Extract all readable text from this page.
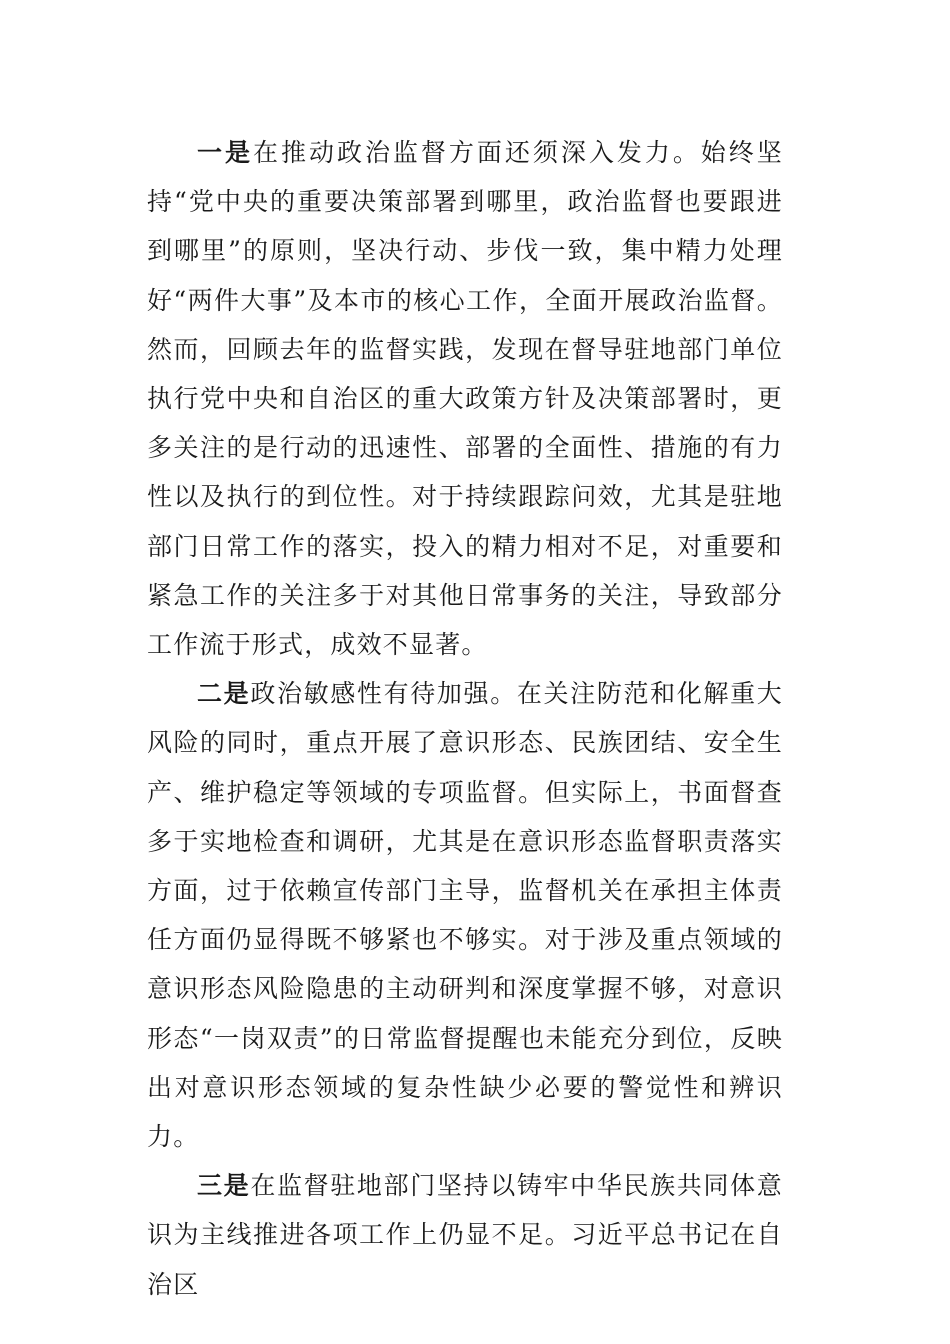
一是在推动政治监督方面还须深入发力。始终坚持“党中央的重要决策部署到哪里，政治监督也要跟进到哪里”的原则，坚决行动、步伐一致，集中精力处理好“两件大事”及本市的核心工作，全面开展政治监督。然而，回顾去年的监督实践，发现在督导驻地部门单位执行党中央和自治区的重大政策方针及决策部署时，更多关注的是行动的迅速性、部署的全面性、措施的有力性以及执行的到位性。对于持续跟踪问效，尤其是驻地部门日常工作的落实，投入的精力相对不足，对重要和紧急工作的关注多于对其他日常事务的关注，导致部分工作流于形式，成效不显著。

二是政治敏感性有待加强。在关注防范和化解重大风险的同时，重点开展了意识形态、民族团结、安全生产、维护稳定等领域的专项监督。但实际上，书面督查多于实地检查和调研，尤其是在意识形态监督职责落实方面，过于依赖宣传部门主导，监督机关在承担主体责任方面仍显得既不够紧也不够实。对于涉及重点领域的意识形态风险隐患的主动研判和深度掌握不够，对意识形态“一岗双责”的日常监督提醒也未能充分到位，反映出对意识形态领域的复杂性缺少必要的警觉性和辨识力。

三是在监督驻地部门坚持以铸牢中华民族共同体意识为主线推进各项工作上仍显不足。习近平总书记在自治区
